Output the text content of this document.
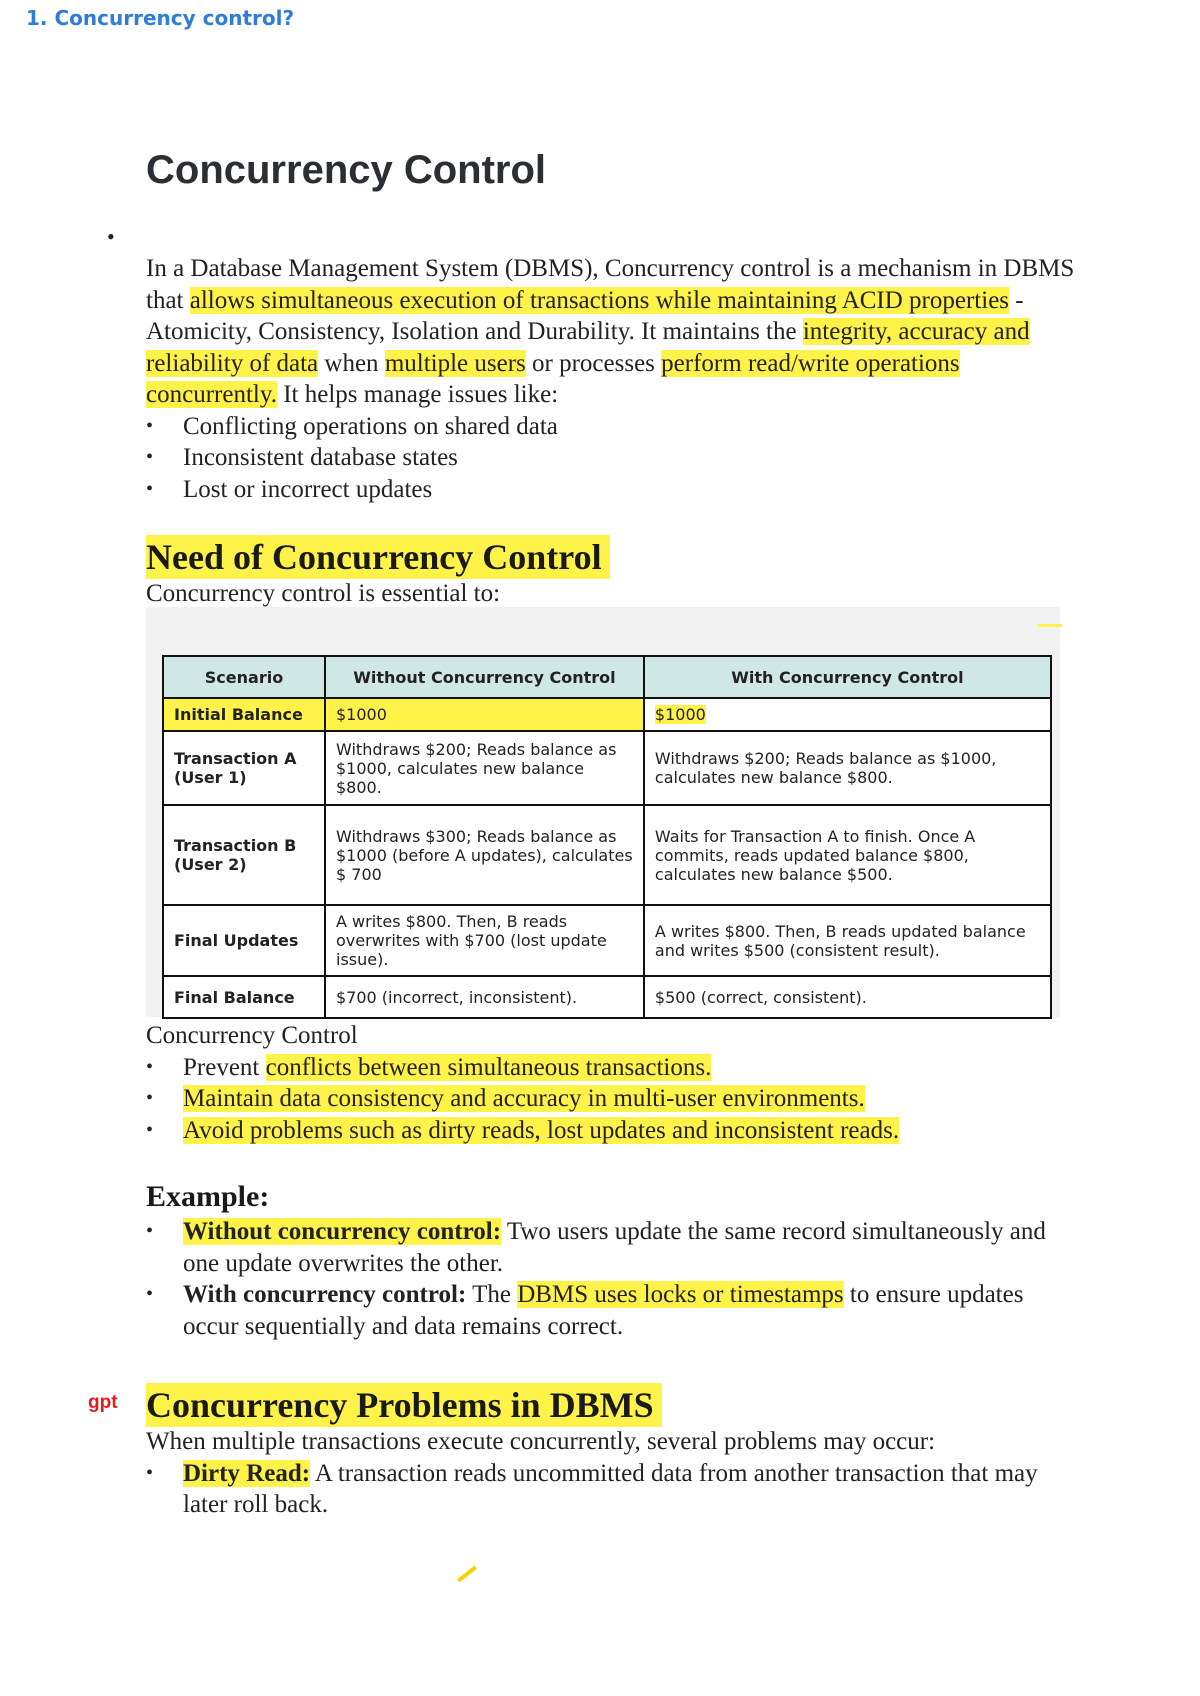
1. Concurrency control?
Concurrency Control
•
In a Database Management System (DBMS), Concurrency control is a mechanism in DBMS that allows simultaneous execution of transactions while maintaining ACID properties - Atomicity, Consistency, Isolation and Durability. It maintains the integrity, accuracy and reliability of data when multiple users or processes perform read/write operations concurrently. It helps manage issues like:
• Conflicting operations on shared data
• Inconsistent database states
• Lost or incorrect updates
Need of Concurrency Control
Concurrency control is essential to:
Scenario	Without Concurrency Control	With Concurrency Control
Initial Balance	$1000	$1000
Transaction A (User 1)	Withdraws $200; Reads balance as $1000, calculates new balance $800.	Withdraws $200; Reads balance as $1000, calculates new balance $800.
Transaction B (User 2)	Withdraws $300; Reads balance as $1000 (before A updates), calculates $ 700	Waits for Transaction A to finish. Once A commits, reads updated balance $800, calculates new balance $500.
Final Updates	A writes $800. Then, B reads overwrites with $700 (lost update issue).	A writes $800. Then, B reads updated balance and writes $500 (consistent result).
Final Balance	$700 (incorrect, inconsistent).	$500 (correct, consistent).
Concurrency Control
• Prevent conflicts between simultaneous transactions.
• Maintain data consistency and accuracy in multi-user environments.
• Avoid problems such as dirty reads, lost updates and inconsistent reads.
Example:
• Without concurrency control: Two users update the same record simultaneously and one update overwrites the other.
• With concurrency control: The DBMS uses locks or timestamps to ensure updates occur sequentially and data remains correct.
gpt Concurrency Problems in DBMS
When multiple transactions execute concurrently, several problems may occur:
• Dirty Read: A transaction reads uncommitted data from another transaction that may later roll back.
